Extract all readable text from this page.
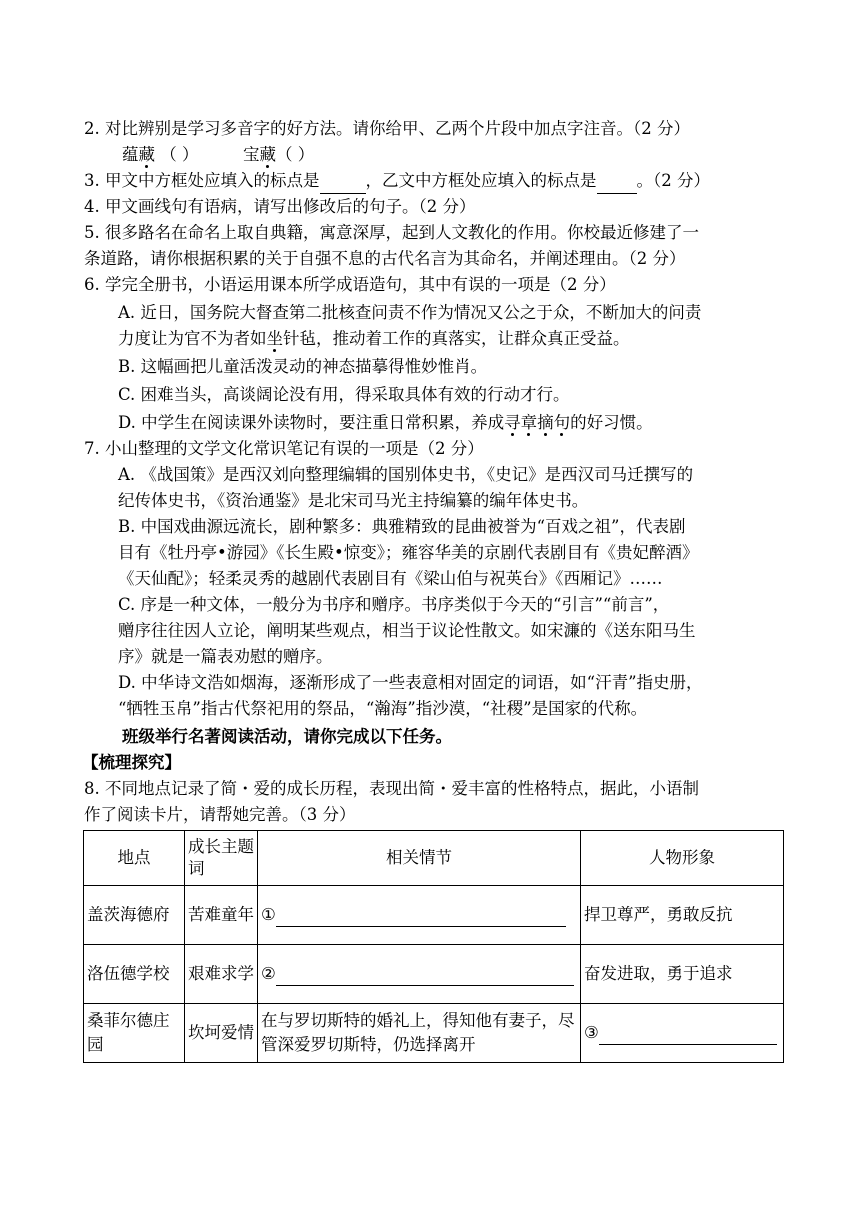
2. 对比辨别是学习多音字的好方法。请你给甲、乙两个片段中加点字注音。（2 分）
蕴藏 （ ）	宝藏（ ）
3. 甲文中方框处应填入的标点是	，乙文中方框处应填入的标点是 。（2 分）
4. 甲文画线句有语病，请写出修改后的句子。（2 分）
5. 很多路名在命名上取自典籍，寓意深厚，起到人文教化的作用。你校最近修建了一
条道路，请你根据积累的关于自强不息的古代名言为其命名，并阐述理由。（2 分）
6. 学完全册书，小语运用课本所学成语造句，其中有误的一项是（2 分）
A. 近日，国务院大督查第二批核查问责不作为情况又公之于众，不断加大的问责
力度让为官不为者如坐针毡，推动着工作的真落实，让群众真正受益。
B. 这幅画把儿童活泼灵动的神态描摹得惟妙惟肖。
C. 困难当头，高谈阔论没有用，得采取具体有效的行动才行。
D. 中学生在阅读课外读物时，要注重日常积累，养成寻章摘句的好习惯。
7. 小山整理的文学文化常识笔记有误的一项是（2 分）
A. 《战国策》是西汉刘向整理编辑的国别体史书，《史记》是西汉司马迁撰写的
纪传体史书，《资治通鉴》是北宋司马光主持编纂的编年体史书。
B. 中国戏曲源远流长，剧种繁多：典雅精致的昆曲被誉为“百戏之祖”，代表剧
目有《牡丹亭•游园》《长生殿•惊变》；雍容华美的京剧代表剧目有《贵妃醉酒》
《天仙配》；轻柔灵秀的越剧代表剧目有《梁山伯与祝英台》《西厢记》……
C. 序是一种文体，一般分为书序和赠序。书序类似于今天的“引言”“前言”，
赠序往往因人立论，阐明某些观点，相当于议论性散文。如宋濂的《送东阳马生
序》就是一篇表劝慰的赠序。
D. 中华诗文浩如烟海，逐渐形成了一些表意相对固定的词语，如“汗青”指史册，
“牺牲玉帛”指古代祭祀用的祭品，“瀚海”指沙漠，“社稷”是国家的代称。
班级举行名著阅读活动，请你完成以下任务。
【梳理探究】
8. 不同地点记录了简・爱的成长历程，表现出简・爱丰富的性格特点，据此，小语制
作了阅读卡片，请帮她完善。（3 分）
地点	成长主题词	相关情节	人物形象
盖茨海德府	苦难童年	①	捍卫尊严，勇敢反抗
洛伍德学校	艰难求学	②	奋发进取，勇于追求
桑菲尔德庄园	坎坷爱情	在与罗切斯特的婚礼上，得知他有妻子，尽管深爱罗切斯特，仍选择离开	③
